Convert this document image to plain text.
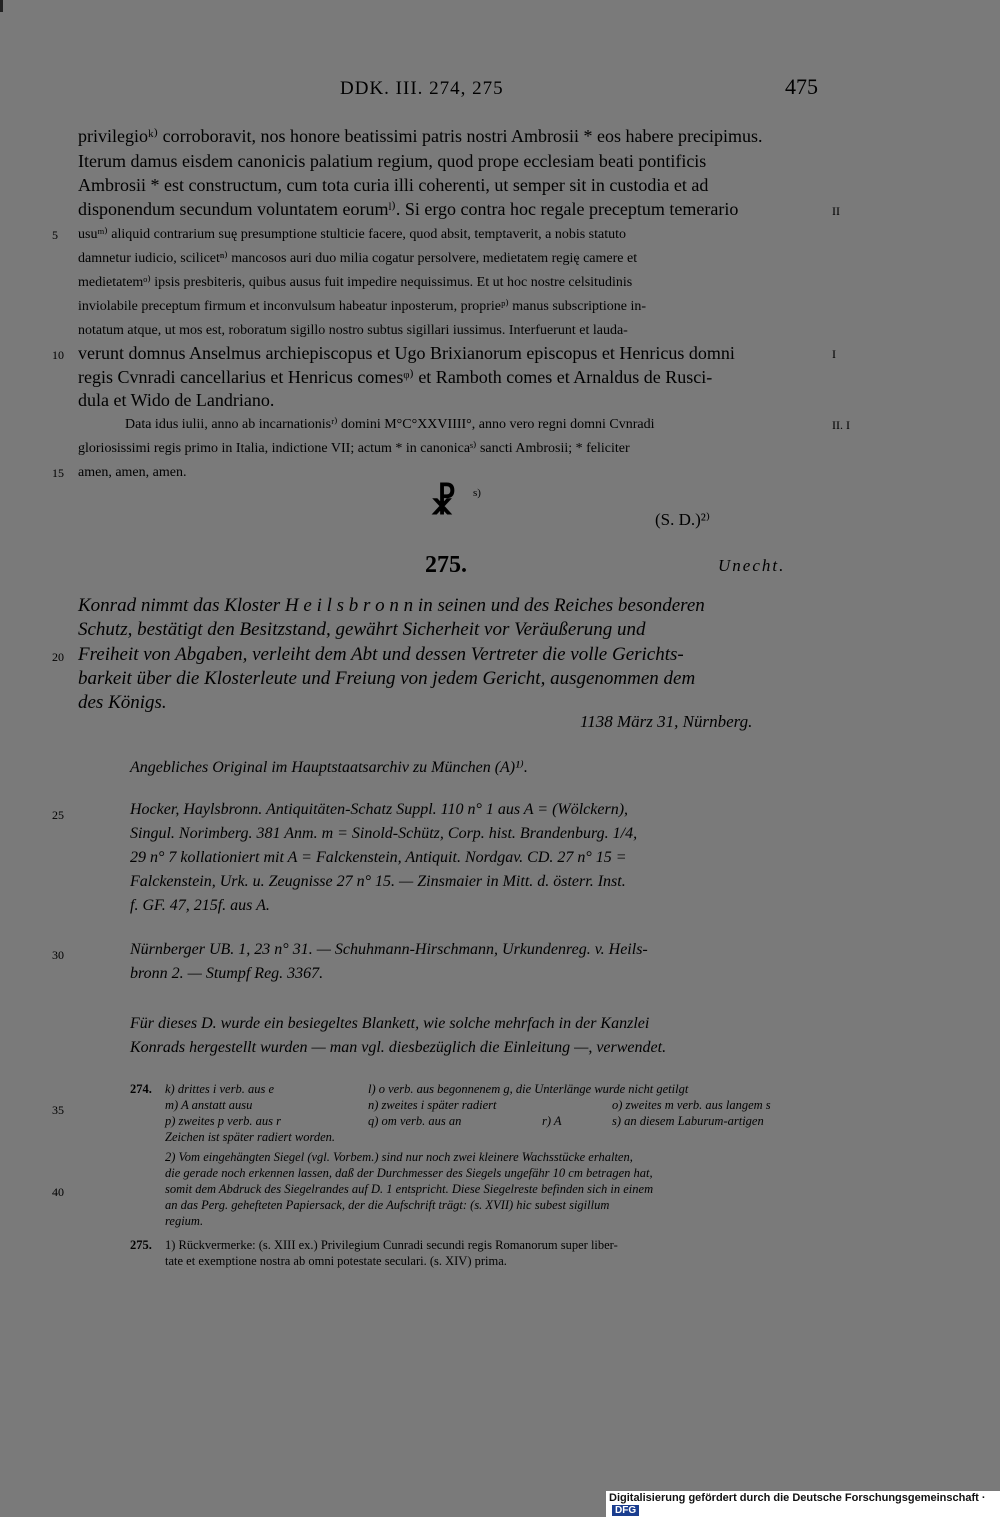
DDK. III. 274, 275	475
privilegioᵏ⁾ corroboravit, nos honore beatissimi patris nostri Ambrosii * eos habere precipimus.
Iterum damus eisdem canonicis palatium regium, quod prope ecclesiam beati pontificis
Ambrosii * est constructum, cum tota curia illi coherenti, ut semper sit in custodia et ad
disponendum secundum voluntatem eorumˡ⁾. Si ergo contra hoc regale preceptum temerario
usuᵐ⁾ aliquid contrarium suę presumptione stulticie facere, quod absit, temptaverit, a nobis statuto
damnetur iudicio, scilicetⁿ⁾ mancosos auri duo milia cogatur persolvere, medietatem regię camere et
medietatemᵒ⁾ ipsis presbiteris, quibus ausus fuit impedire nequissimus. Et ut hoc nostre celsitudinis
inviolabile preceptum firmum et inconvulsum habeatur inposterum, proprieᵖ⁾ manus subscriptione in-
notatum atque, ut mos est, roboratum sigillo nostro subtus sigillari iussimus. Interfuerunt et lauda-
verunt domnus Anselmus archiepiscopus et Ugo Brixianorum episcopus et Henricus domni
regis Cvnradi cancellarius et Henricus comesᵠ⁾ et Ramboth comes et Arnaldus de Rusci-
dula et Wido de Landriano.
Data idus iulii, anno ab incarnationisʳ⁾ domini M°C°XXVIIII°, anno vero regni domni Cvnradi
gloriosissimi regis primo in Italia, indictione VII; actum * in canonicaˢ⁾ sancti Ambrosii; * feliciter
amen, amen, amen.
5
10
15
20
25
30
35
40
II
I
II. I
☧ s)
(S. D.)²⁾
275.	Unecht.
Konrad nimmt das Kloster H e i l s b r o n n in seinen und des Reiches besonderen
Schutz, bestätigt den Besitzstand, gewährt Sicherheit vor Veräußerung und
Freiheit von Abgaben, verleiht dem Abt und dessen Vertreter die volle Gerichts-
barkeit über die Klosterleute und Freiung von jedem Gericht, ausgenommen dem
des Königs.
1138 März 31, Nürnberg.
Angebliches Original im Hauptstaatsarchiv zu München (A)¹⁾.
Hocker, Haylsbronn. Antiquitäten-Schatz Suppl. 110 n° 1 aus A = (Wölckern),
Singul. Norimberg. 381 Anm. m = Sinold-Schütz, Corp. hist. Brandenburg. 1/4,
29 n° 7 kollationiert mit A = Falckenstein, Antiquit. Nordgav. CD. 27 n° 15 =
Falckenstein, Urk. u. Zeugnisse 27 n° 15. — Zinsmaier in Mitt. d. österr. Inst.
f. GF. 47, 215f. aus A.
Nürnberger UB. 1, 23 n° 31. — Schuhmann-Hirschmann, Urkundenreg. v. Heils-
bronn 2. — Stumpf Reg. 3367.
Für dieses D. wurde ein besiegeltes Blankett, wie solche mehrfach in der Kanzlei
Konrads hergestellt wurden — man vgl. diesbezüglich die Einleitung —, verwendet.
274. k) drittes i verb. aus e	l) o verb. aus begonnenem g, die Unterlänge wurde nicht getilgt
m) A anstatt ausu	n) zweites i später radiert	o) zweites m verb. aus langem s
p) zweites p verb. aus r	q) om verb. aus an	r) A	s) an diesem Laburum-artigen
Zeichen ist später radiert worden.
2) Vom eingehängten Siegel (vgl. Vorbem.) sind nur noch zwei kleinere Wachsstücke erhalten,
die gerade noch erkennen lassen, daß der Durchmesser des Siegels ungefähr 10 cm betragen hat,
somit dem Abdruck des Siegelrandes auf D. 1 entspricht. Diese Siegelreste befinden sich in einem
an das Perg. gehefteten Papiersack, der die Aufschrift trägt: (s. XVII) hic subest sigillum
regium.
275. 1) Rückvermerke: (s. XIII ex.) Privilegium Cunradi secundi regis Romanorum super liber-
tate et exemptione nostra ab omni potestate seculari. (s. XIV) prima.
Digitalisierung gefördert durch die Deutsche Forschungsgemeinschaft ·DFG
